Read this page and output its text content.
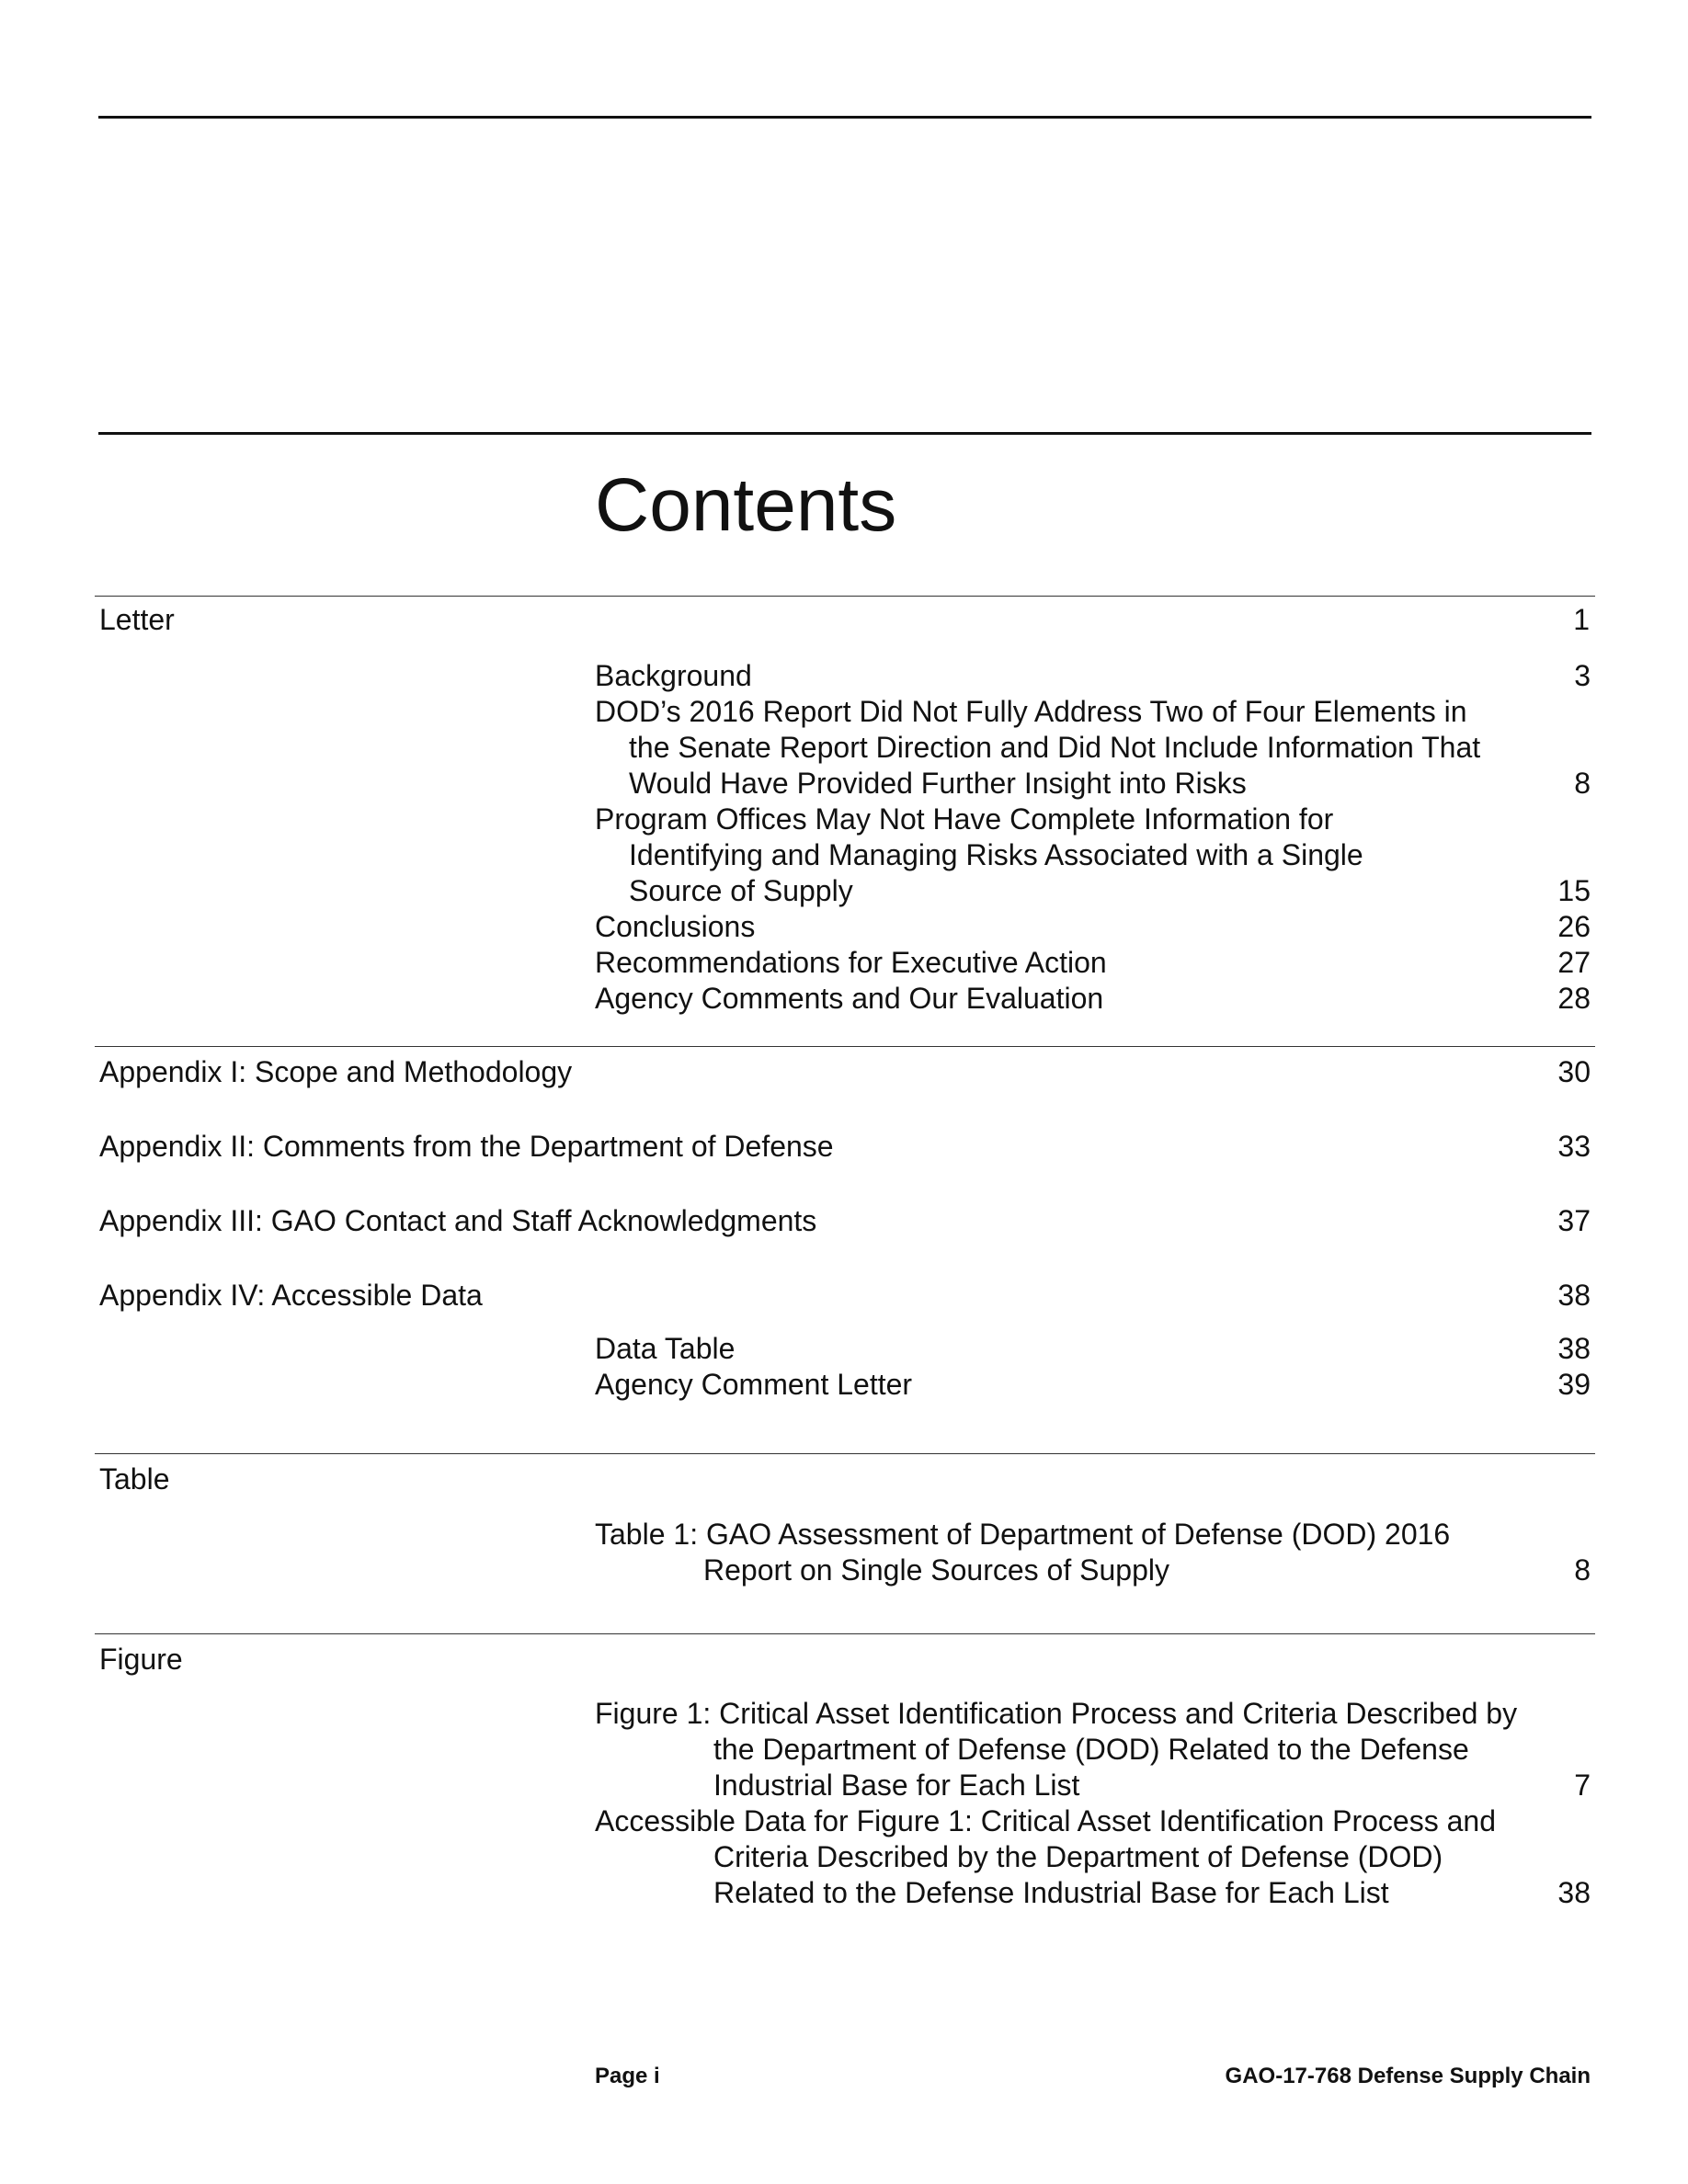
Contents
Letter	1
Background	3
DOD’s 2016 Report Did Not Fully Address Two of Four Elements in the Senate Report Direction and Did Not Include Information That Would Have Provided Further Insight into Risks	8
Program Offices May Not Have Complete Information for Identifying and Managing Risks Associated with a Single Source of Supply	15
Conclusions	26
Recommendations for Executive Action	27
Agency Comments and Our Evaluation	28
Appendix I: Scope and Methodology	30
Appendix II: Comments from the Department of Defense	33
Appendix III: GAO Contact and Staff Acknowledgments	37
Appendix IV: Accessible Data	38
Data Table	38
Agency Comment Letter	39
Table
Table 1: GAO Assessment of Department of Defense (DOD) 2016 Report on Single Sources of Supply	8
Figure
Figure 1: Critical Asset Identification Process and Criteria Described by the Department of Defense (DOD) Related to the Defense Industrial Base for Each List	7
Accessible Data for Figure 1: Critical Asset Identification Process and Criteria Described by the Department of Defense (DOD) Related to the Defense Industrial Base for Each List	38
Page i	GAO-17-768 Defense Supply Chain
